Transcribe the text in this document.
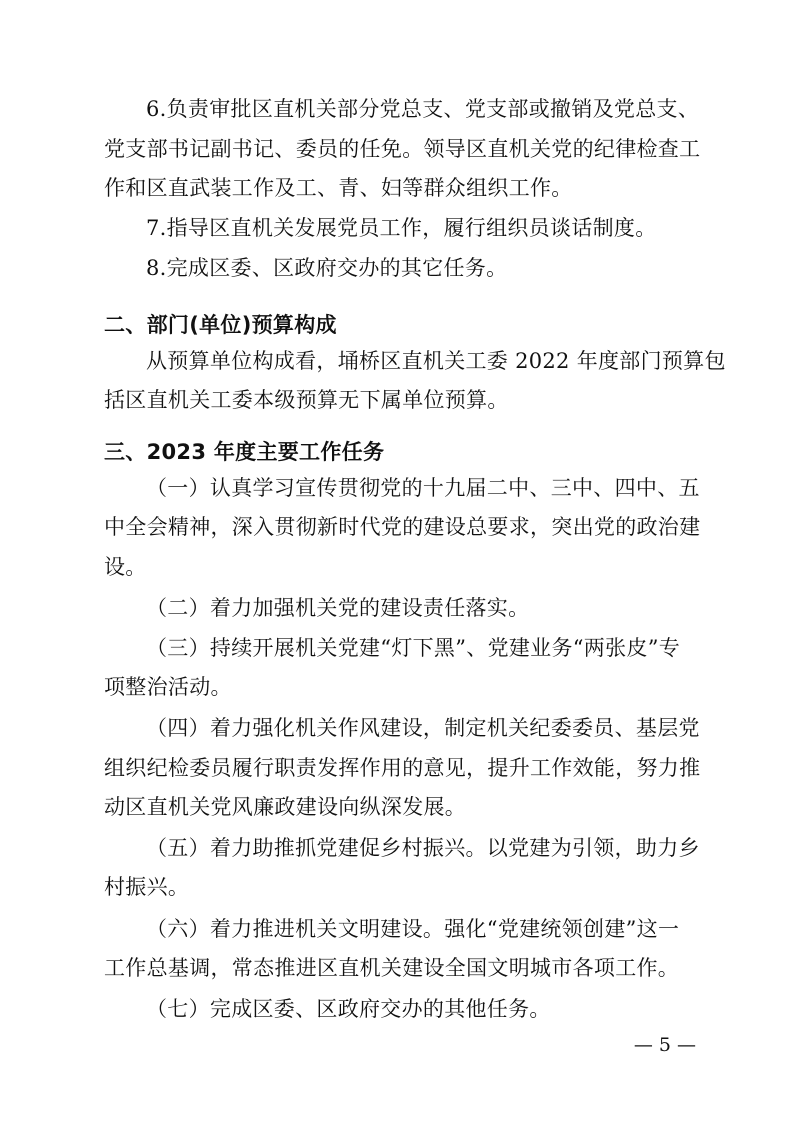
6.负责审批区直机关部分党总支、党支部或撤销及党总支、
党支部书记副书记、委员的任免。领导区直机关党的纪律检查工
作和区直武装工作及工、青、妇等群众组织工作。
7.指导区直机关发展党员工作，履行组织员谈话制度。
8.完成区委、区政府交办的其它任务。
二、部门(单位)预算构成
从预算单位构成看，埇桥区直机关工委 2022 年度部门预算包
括区直机关工委本级预算无下属单位预算。
三、2023 年度主要工作任务
（一）认真学习宣传贯彻党的十九届二中、三中、四中、五
中全会精神，深入贯彻新时代党的建设总要求，突出党的政治建
设。
（二）着力加强机关党的建设责任落实。
（三）持续开展机关党建“灯下黑”、党建业务“两张皮”专
项整治活动。
（四）着力强化机关作风建设，制定机关纪委委员、基层党
组织纪检委员履行职责发挥作用的意见，提升工作效能，努力推
动区直机关党风廉政建设向纵深发展。
（五）着力助推抓党建促乡村振兴。以党建为引领，助力乡
村振兴。
（六）着力推进机关文明建设。强化“党建统领创建”这一
工作总基调，常态推进区直机关建设全国文明城市各项工作。
（七）完成区委、区政府交办的其他任务。
— 5 —
